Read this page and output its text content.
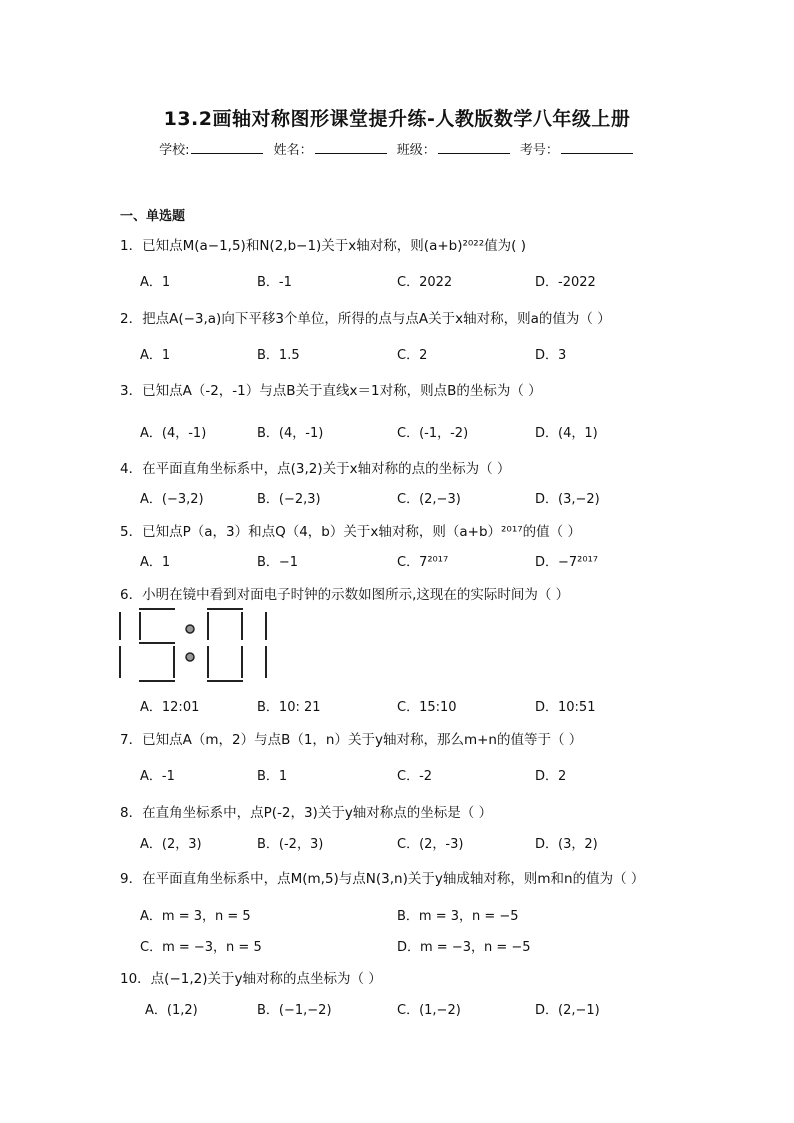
13.2画轴对称图形课堂提升练-人教版数学八年级上册
学校:	姓名：	班级：	考号：
一、单选题
1．已知点M(a−1,5)和N(2,b−1)关于x轴对称，则(a+b)²⁰²²值为( )
A．1	B．-1	C．2022	D．-2022
2．把点A(−3,a)向下平移3个单位，所得的点与点A关于x轴对称，则a的值为（ ）
A．1	B．1.5	C．2	D．3
3．已知点A（-2，-1）与点B关于直线x＝1对称，则点B的坐标为（ ）
A．(4，-1)	B．(4，-1)	C．(-1，-2)	D．(4，1)
4．在平面直角坐标系中，点(3,2)关于x轴对称的点的坐标为（ ）
A．(−3,2)	B．(−2,3)	C．(2,−3)	D．(3,−2)
5．已知点P（a，3）和点Q（4，b）关于x轴对称，则（a+b）²⁰¹⁷的值（ ）
A．1	B．−1	C．7²⁰¹⁷	D．−7²⁰¹⁷
6．小明在镜中看到对面电子时钟的示数如图所示,这现在的实际时间为（ ）
A．12:01	B．10: 21	C．15:10	D．10:51
7．已知点A（m，2）与点B（1，n）关于y轴对称，那么m+n的值等于（ ）
A．-1	B．1	C．-2	D．2
8．在直角坐标系中，点P(-2，3)关于y轴对称点的坐标是（ ）
A．(2，3)	B．(-2，3)	C．(2，-3)	D．(3，2)
9．在平面直角坐标系中，点M(m,5)与点N(3,n)关于y轴成轴对称，则m和n的值为（ ）
A．m = 3，n = 5	B．m = 3，n = −5
C．m = −3，n = 5	D．m = −3，n = −5
10．点(−1,2)关于y轴对称的点坐标为（ ）
A．(1,2)	B．(−1,−2)	C．(1,−2)	D．(2,−1)
